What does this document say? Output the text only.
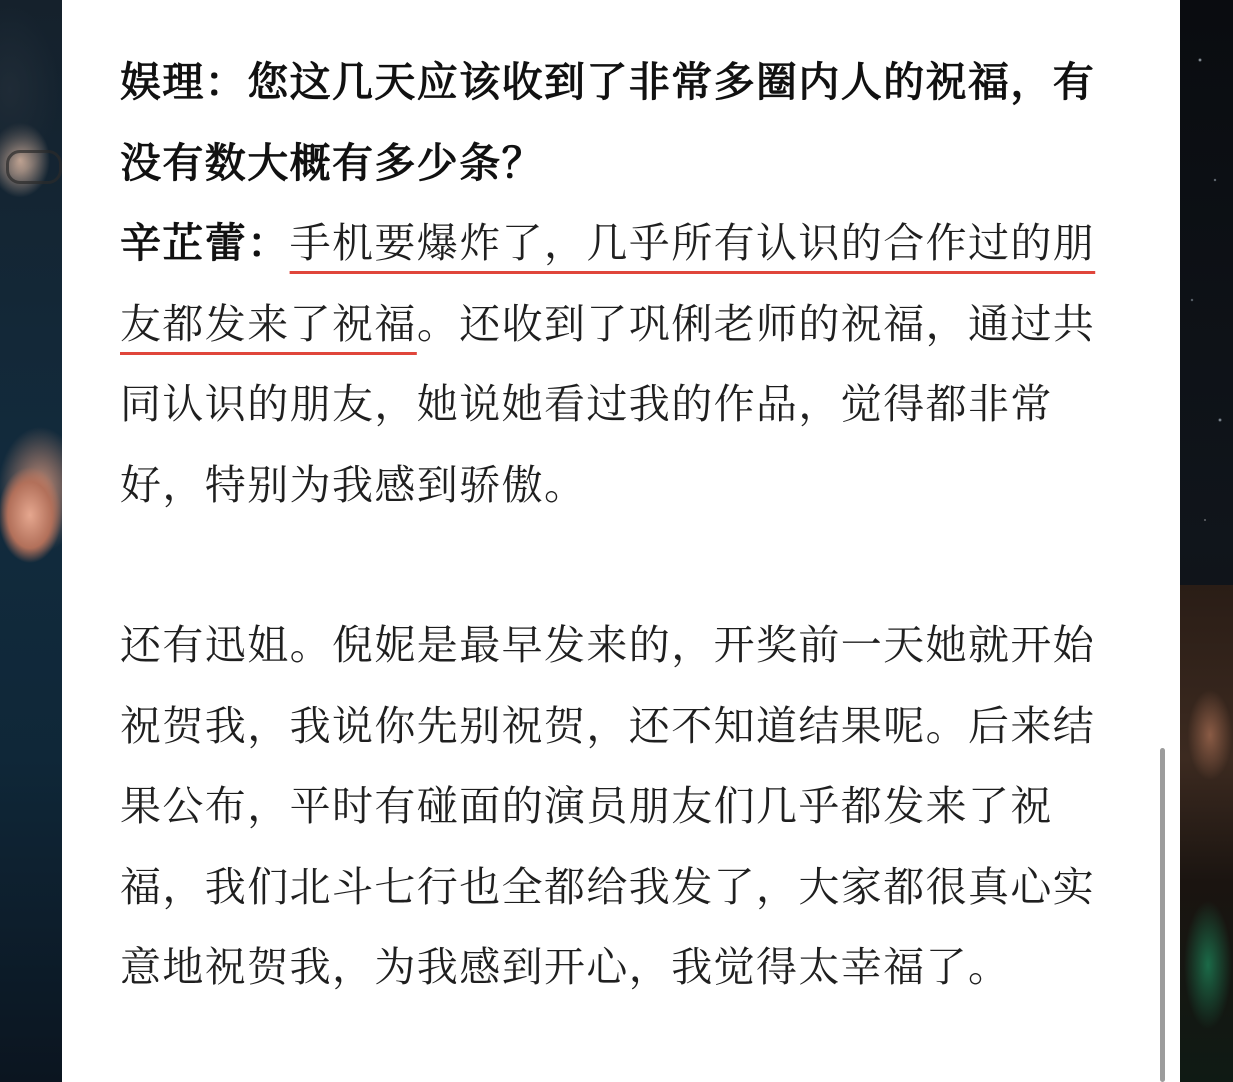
娱理：您这几天应该收到了非常多圈内人的祝福，有没有数大概有多少条？

辛芷蕾：手机要爆炸了，几乎所有认识的合作过的朋友都发来了祝福。还收到了巩俐老师的祝福，通过共同认识的朋友，她说她看过我的作品，觉得都非常好，特别为我感到骄傲。

还有迅姐。倪妮是最早发来的，开奖前一天她就开始祝贺我，我说你先别祝贺，还不知道结果呢。后来结果公布，平时有碰面的演员朋友们几乎都发来了祝福，我们北斗七行也全都给我发了，大家都很真心实意地祝贺我，为我感到开心，我觉得太幸福了。
